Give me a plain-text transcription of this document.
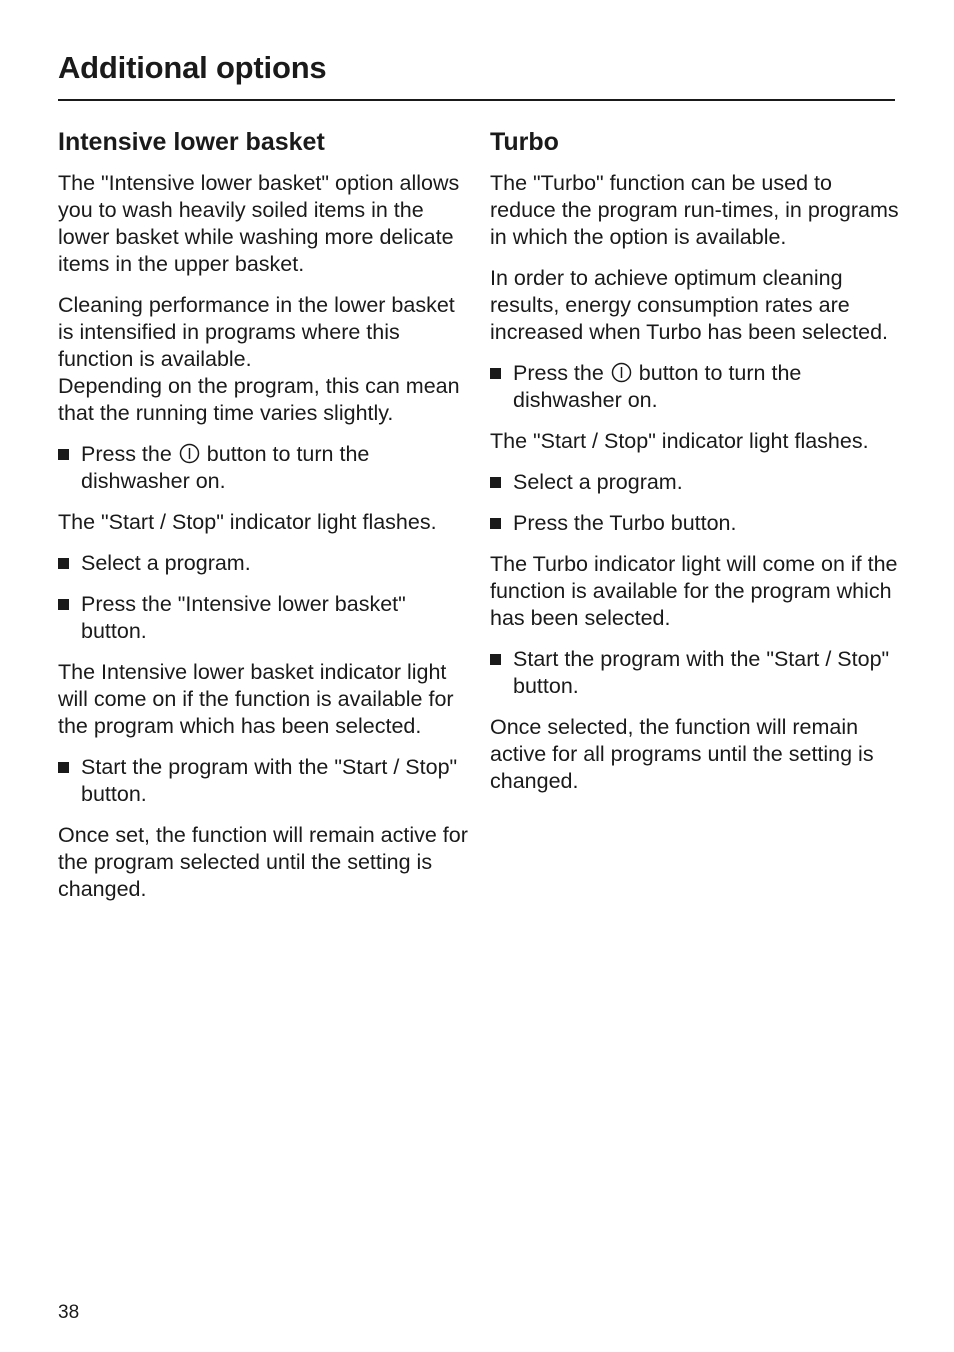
Additional options
Intensive lower basket

The "Intensive lower basket" option allows you to wash heavily soiled items in the lower basket while washing more delicate items in the upper basket.

Cleaning performance in the lower basket is intensified in programs where this function is available.
Depending on the program, this can mean that the running time varies slightly.

Press the button to turn the dishwasher on.

The "Start / Stop" indicator light flashes.

Select a program.
Press the "Intensive lower basket" button.

The Intensive lower basket indicator light will come on if the function is available for the program which has been selected.

Start the program with the "Start / Stop" button.

Once set, the function will remain active for the program selected until the setting is changed.

Turbo

The "Turbo" function can be used to reduce the program run-times, in programs in which the option is available.

In order to achieve optimum cleaning results, energy consumption rates are increased when Turbo has been selected.

Press the button to turn the dishwasher on.

The "Start / Stop" indicator light flashes.

Select a program.
Press the Turbo button.

The Turbo indicator light will come on if the function is available for the program which has been selected.

Start the program with the "Start / Stop" button.

Once selected, the function will remain active for all programs until the setting is changed.

38
